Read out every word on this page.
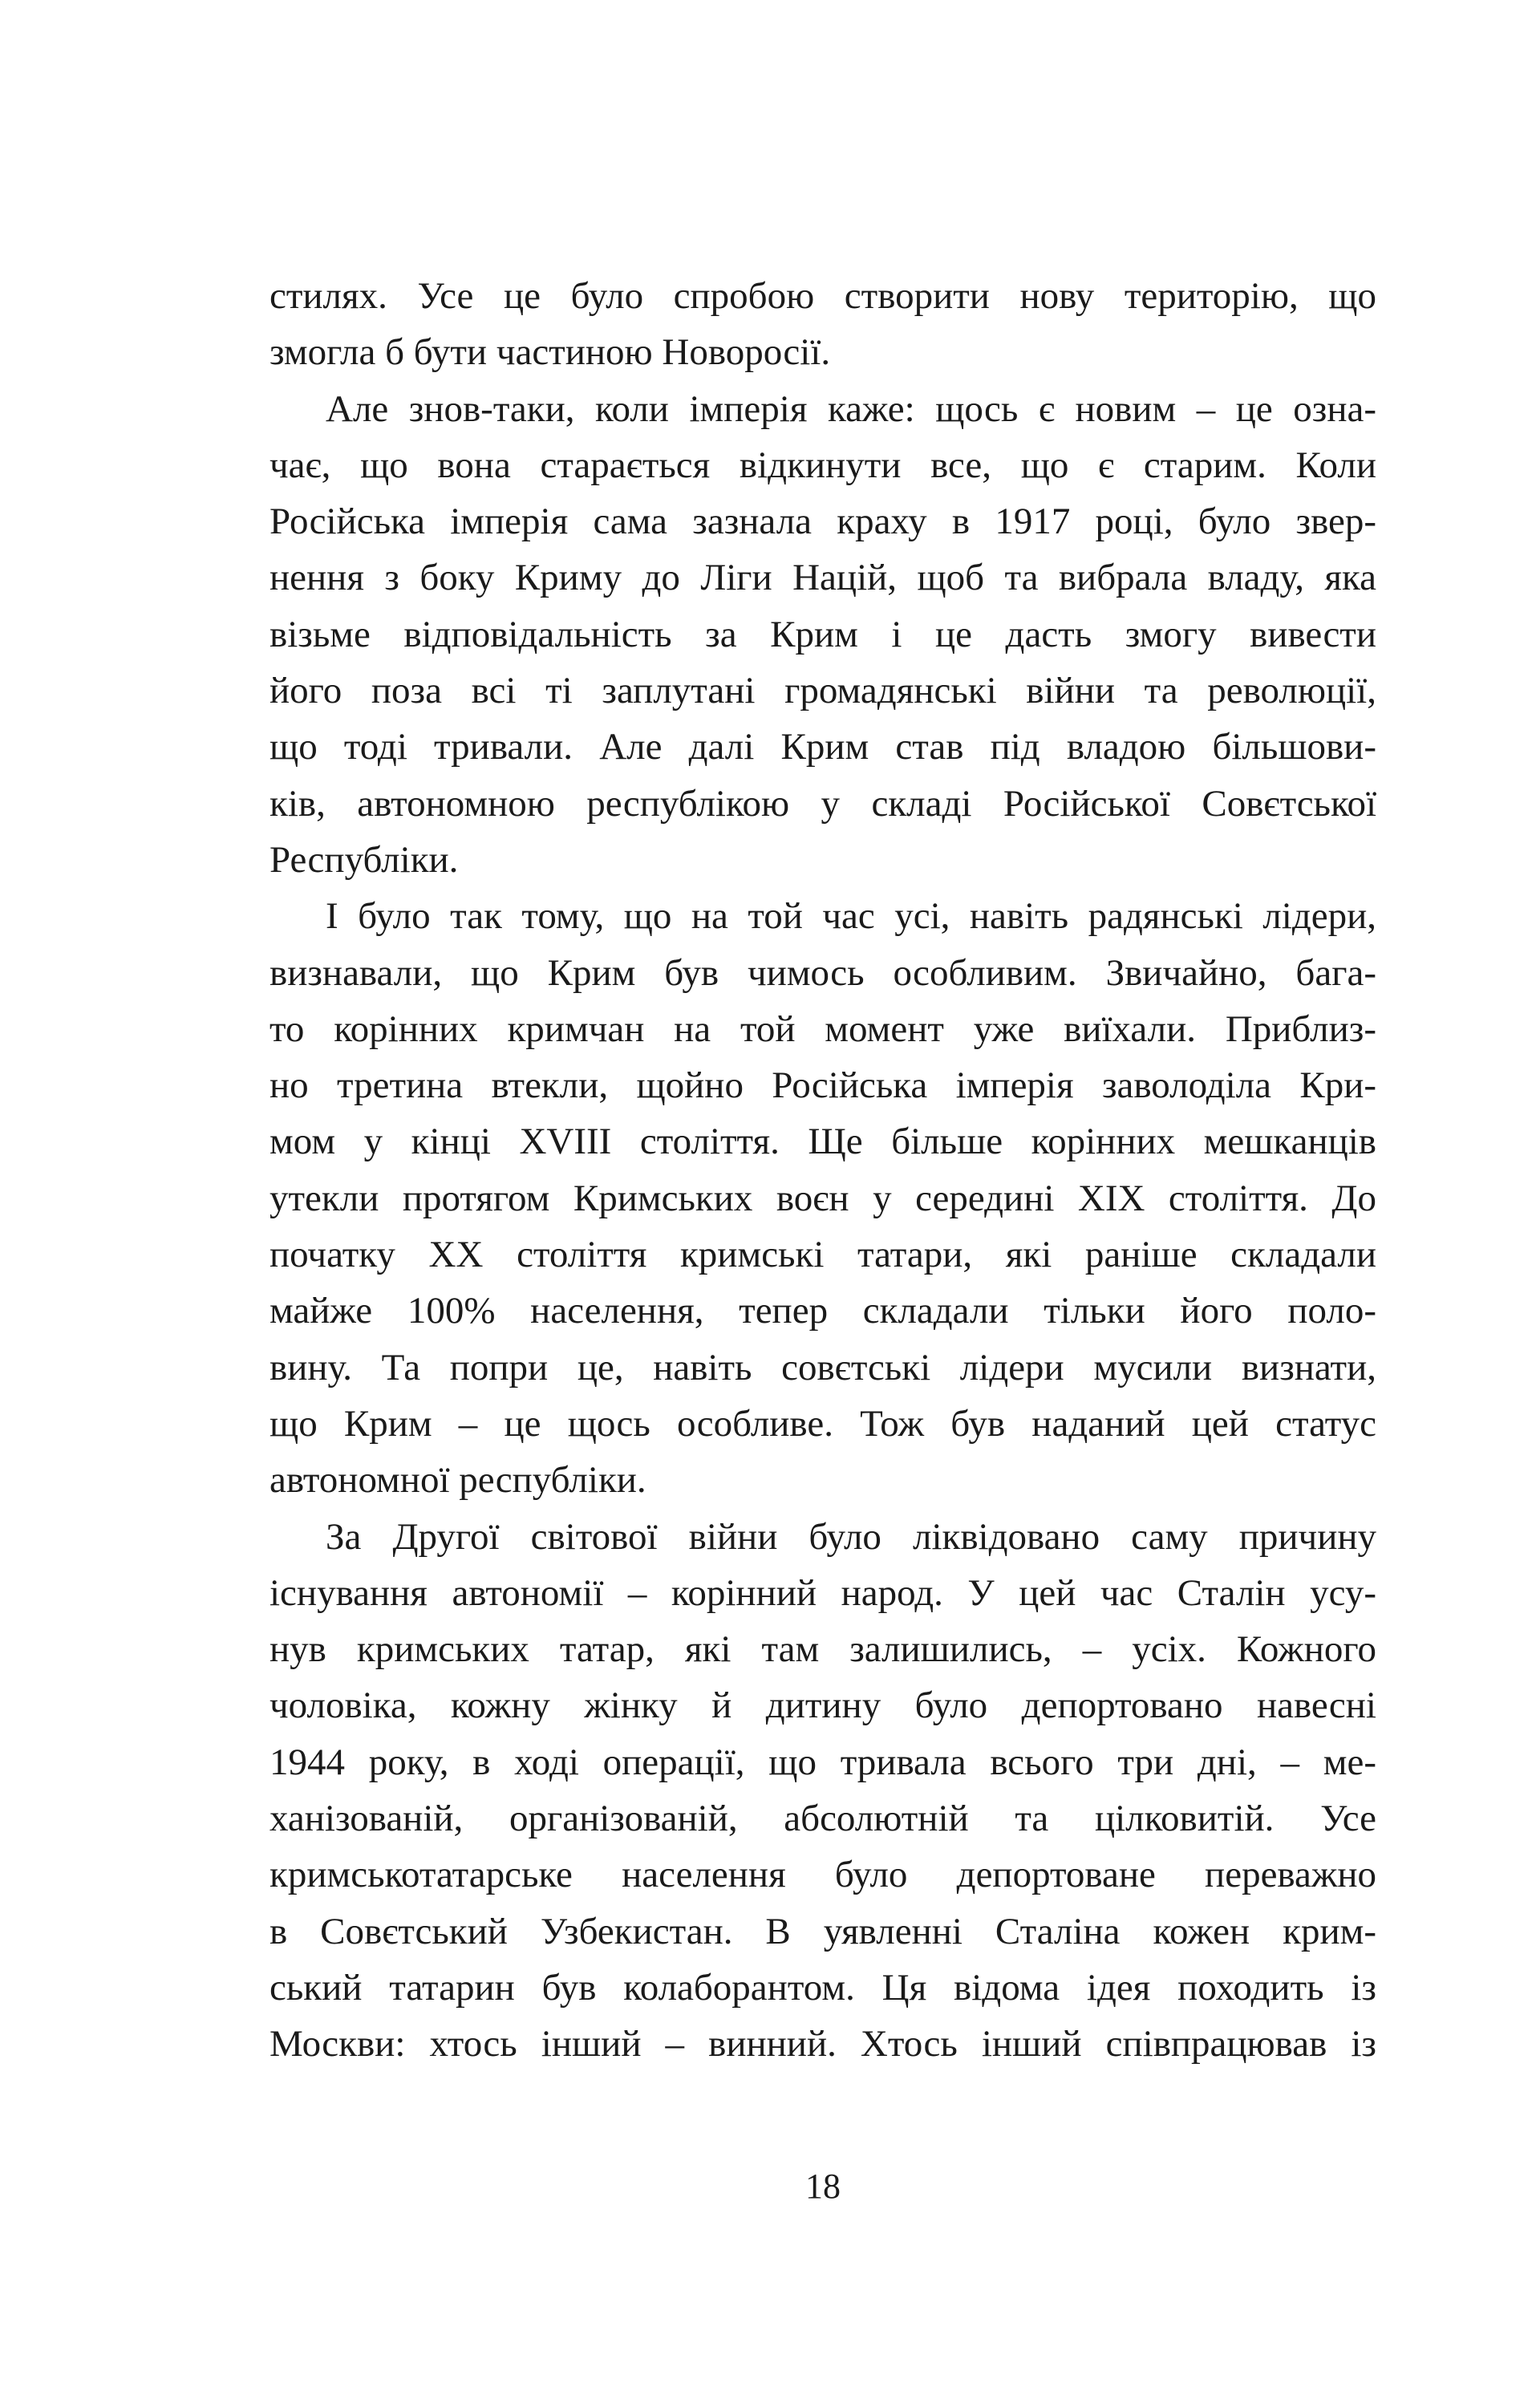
стилях. Усе це було спробою створити нову територію, що
змогла б бути частиною Новоросії.
Але знов-таки, коли імперія каже: щось є новим – це озна-
чає, що вона старається відкинути все, що є старим. Коли
Російська імперія сама зазнала краху в 1917 році, було звер-
нення з боку Криму до Ліги Націй, щоб та вибрала владу, яка
візьме відповідальність за Крим і це дасть змогу вивести
його поза всі ті заплутані громадянські війни та революції,
що тоді тривали. Але далі Крим став під владою більшови-
ків, автономною республікою у складі Російської Совєтської
Республіки.
І було так тому, що на той час усі, навіть радянські лідери,
визнавали, що Крим був чимось особливим. Звичайно, бага-
то корінних кримчан на той момент уже виїхали. Приблиз-
но третина втекли, щойно Російська імперія заволоділа Кри-
мом у кінці XVIII століття. Ще більше корінних мешканців
утекли протягом Кримських воєн у середині XIX століття. До
початку XX століття кримські татари, які раніше складали
майже 100% населення, тепер складали тільки його поло-
вину. Та попри це, навіть совєтські лідери мусили визнати,
що Крим – це щось особливе. Тож був наданий цей статус
автономної республіки.
За Другої світової війни було ліквідовано саму причину
існування автономії – корінний народ. У цей час Сталін усу-
нув кримських татар, які там залишились, – усіх. Кожного
чоловіка, кожну жінку й дитину було депортовано навесні
1944 року, в ході операції, що тривала всього три дні, – ме-
ханізованій, організованій, абсолютній та цілковитій. Усе
кримськотатарське населення було депортоване переважно
в Совєтський Узбекистан. В уявленні Сталіна кожен крим-
ський татарин був колаборантом. Ця відома ідея походить із
Москви: хтось інший – винний. Хтось інший співпрацював із
18
